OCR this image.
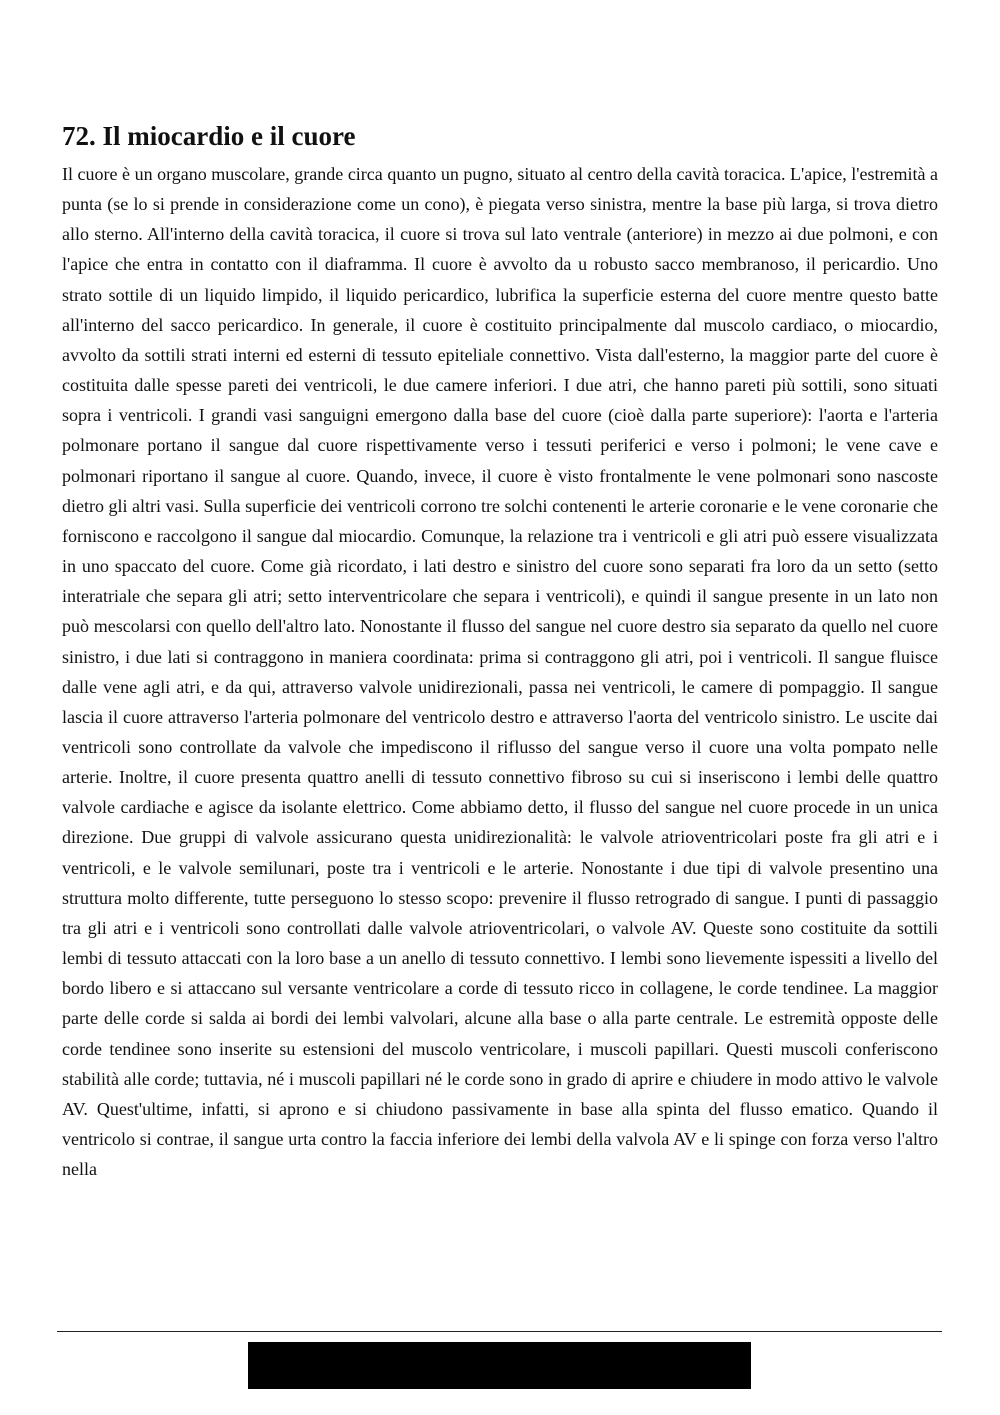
72. Il miocardio e il cuore

Il cuore è un organo muscolare, grande circa quanto un pugno, situato al centro della cavità toracica. L'apice, l'estremità a punta (se lo si prende in considerazione come un cono), è piegata verso sinistra, mentre la base più larga, si trova dietro allo sterno. All'interno della cavità toracica, il cuore si trova sul lato ventrale (anteriore) in mezzo ai due polmoni, e con l'apice che entra in contatto con il diaframma. Il cuore è avvolto da u robusto sacco membranoso, il pericardio. Uno strato sottile di un liquido limpido, il liquido pericardico, lubrifica la superficie esterna del cuore mentre questo batte all'interno del sacco pericardico. In generale, il cuore è costituito principalmente dal muscolo cardiaco, o miocardio, avvolto da sottili strati interni ed esterni di tessuto epiteliale connettivo. Vista dall'esterno, la maggior parte del cuore è costituita dalle spesse pareti dei ventricoli, le due camere inferiori. I due atri, che hanno pareti più sottili, sono situati sopra i ventricoli. I grandi vasi sanguigni emergono dalla base del cuore (cioè dalla parte superiore): l'aorta e l'arteria polmonare portano il sangue dal cuore rispettivamente verso i tessuti periferici e verso i polmoni; le vene cave e polmonari riportano il sangue al cuore. Quando, invece, il cuore è visto frontalmente le vene polmonari sono nascoste dietro gli altri vasi. Sulla superficie dei ventricoli corrono tre solchi contenenti le arterie coronarie e le vene coronarie che forniscono e raccolgono il sangue dal miocardio. Comunque, la relazione tra i ventricoli e gli atri può essere visualizzata in uno spaccato del cuore. Come già ricordato, i lati destro e sinistro del cuore sono separati fra loro da un setto (setto interatriale che separa gli atri; setto interventricolare che separa i ventricoli), e quindi il sangue presente in un lato non può mescolarsi con quello dell'altro lato. Nonostante il flusso del sangue nel cuore destro sia separato da quello nel cuore sinistro, i due lati si contraggono in maniera coordinata: prima si contraggono gli atri, poi i ventricoli. Il sangue fluisce dalle vene agli atri, e da qui, attraverso valvole unidirezionali, passa nei ventricoli, le camere di pompaggio. Il sangue lascia il cuore attraverso l'arteria polmonare del ventricolo destro e attraverso l'aorta del ventricolo sinistro. Le uscite dai ventricoli sono controllate da valvole che impediscono il riflusso del sangue verso il cuore una volta pompato nelle arterie. Inoltre, il cuore presenta quattro anelli di tessuto connettivo fibroso su cui si inseriscono i lembi delle quattro valvole cardiache e agisce da isolante elettrico. Come abbiamo detto, il flusso del sangue nel cuore procede in un unica direzione. Due gruppi di valvole assicurano questa unidirezionalità: le valvole atrioventricolari poste fra gli atri e i ventricoli, e le valvole semilunari, poste tra i ventricoli e le arterie. Nonostante i due tipi di valvole presentino una struttura molto differente, tutte perseguono lo stesso scopo: prevenire il flusso retrogrado di sangue. I punti di passaggio tra gli atri e i ventricoli sono controllati dalle valvole atrioventricolari, o valvole AV. Queste sono costituite da sottili lembi di tessuto attaccati con la loro base a un anello di tessuto connettivo. I lembi sono lievemente ispessiti a livello del bordo libero e si attaccano sul versante ventricolare a corde di tessuto ricco in collagene, le corde tendinee. La maggior parte delle corde si salda ai bordi dei lembi valvolari, alcune alla base o alla parte centrale. Le estremità opposte delle corde tendinee sono inserite su estensioni del muscolo ventricolare, i muscoli papillari. Questi muscoli conferiscono stabilità alle corde; tuttavia, né i muscoli papillari né le corde sono in grado di aprire e chiudere in modo attivo le valvole AV. Quest'ultime, infatti, si aprono e si chiudono passivamente in base alla spinta del flusso ematico. Quando il ventricolo si contrae, il sangue urta contro la faccia inferiore dei lembi della valvola AV e li spinge con forza verso l'altro nella
